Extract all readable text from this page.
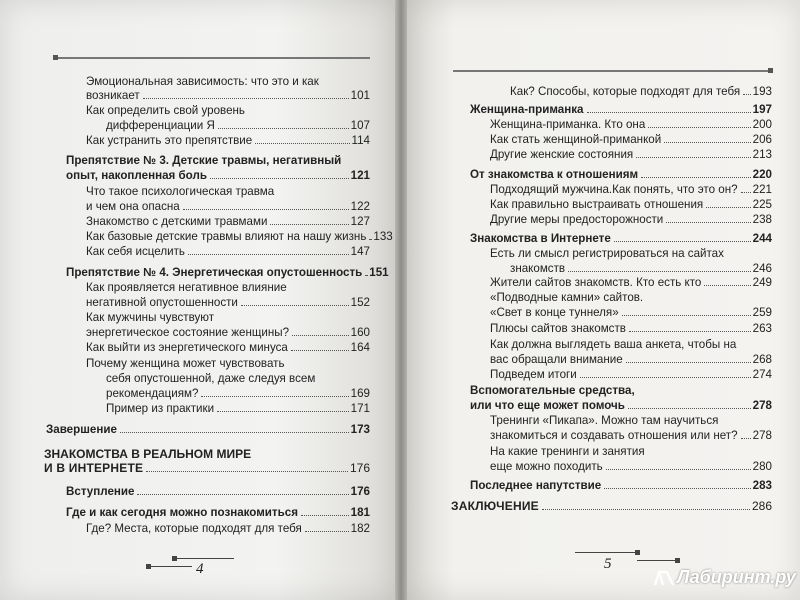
Эмоциональная зависимость: что это и как
возникает	101
Как определить свой уровень
дифференциации Я	107
Как устранить это препятствие	114
Препятствие № 3. Детские травмы, негативный
опыт, накопленная боль	121
Что такое психологическая травма
и чем она опасна	122
Знакомство с детскими травмами	127
Как базовые детские травмы влияют на нашу жизнь 133
Как себя исцелить	147
Препятствие № 4. Энергетическая опустошенность 151
Как проявляется негативное влияние
негативной опустошенности	152
Как мужчины чувствуют
энергетическое состояние женщины?	160
Как выйти из энергетического минуса	164
Почему женщина может чувствовать
себя опустошенной, даже следуя всем
рекомендациям?	169
Пример из практики	171
Завершение	173
ЗНАКОМСТВА В РЕАЛЬНОМ МИРЕ
И В ИНТЕРНЕТЕ	176
Вступление	176
Где и как сегодня можно познакомиться	181
Где? Места, которые подходят для тебя	182
4
Как? Способы, которые подходят для тебя 193
Женщина-приманка	197
Женщина-приманка. Кто она	200
Как стать женщиной-приманкой	206
Другие женские состояния	213
От знакомства к отношениям	220
Подходящий мужчина.Как понять, что это он? 221
Как правильно выстраивать отношения	225
Другие меры предосторожности	238
Знакомства в Интернете	244
Есть ли смысл регистрироваться на сайтах
знакомств	246
Жители сайтов знакомств. Кто есть кто	249
«Подводные камни» сайтов.
«Свет в конце туннеля»	259
Плюсы сайтов знакомств	263
Как должна выглядеть ваша анкета, чтобы на
вас обращали внимание	268
Подведем итоги	274
Вспомогательные средства,
или что еще может помочь	278
Тренинги «Пикапа». Можно там научиться
знакомиться и создавать отношения или нет? 278
На какие тренинги и занятия
еще можно походить	280
Последнее напутствие	283
ЗАКЛЮЧЕНИЕ	286
5
Лабиринт.ру
